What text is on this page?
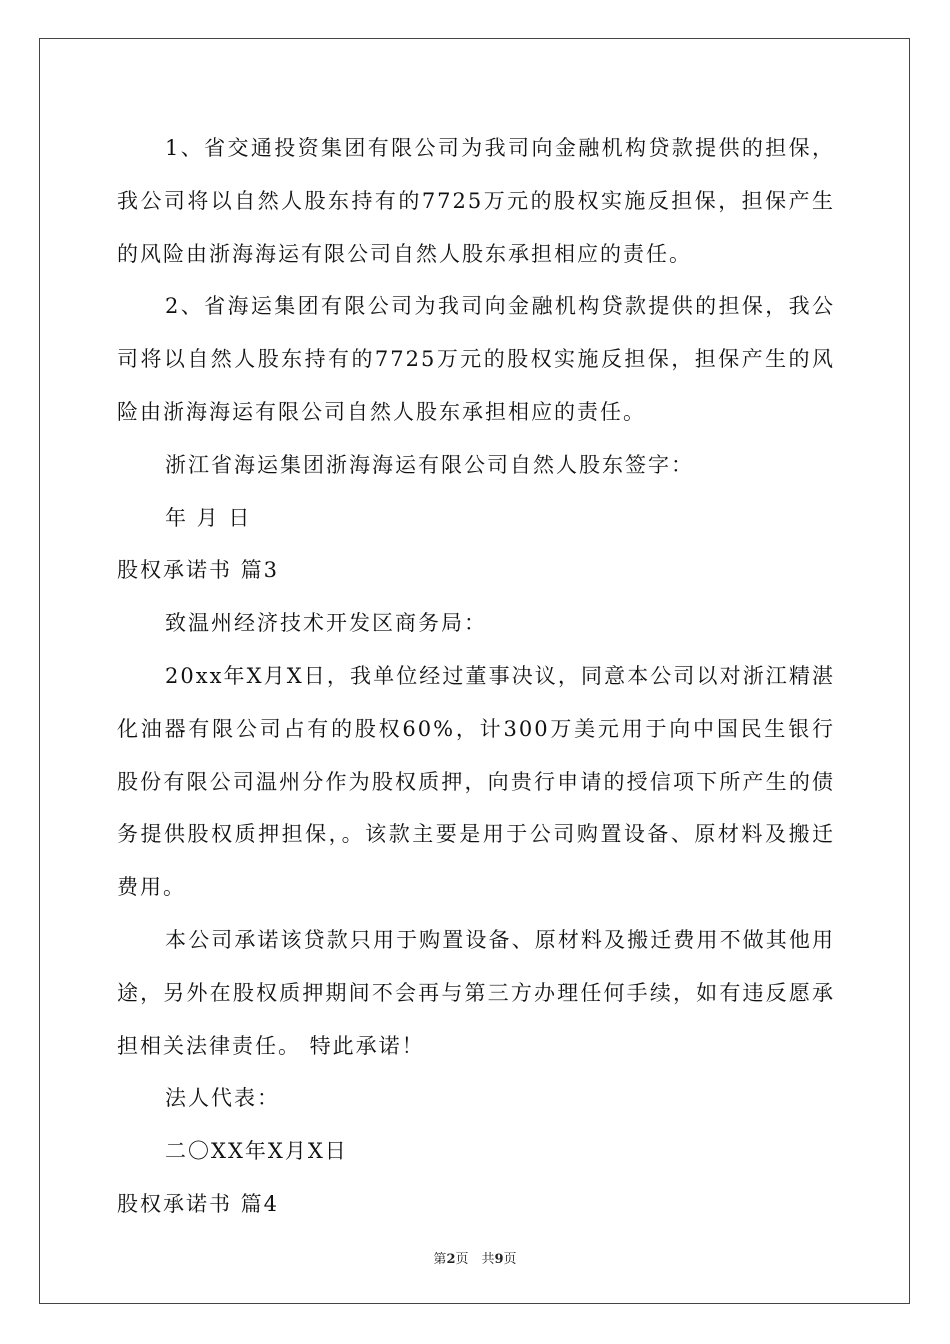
1、省交通投资集团有限公司为我司向金融机构贷款提供的担保，我公司将以自然人股东持有的7725万元的股权实施反担保，担保产生的风险由浙海海运有限公司自然人股东承担相应的责任。

2、省海运集团有限公司为我司向金融机构贷款提供的担保，我公司将以自然人股东持有的7725万元的股权实施反担保，担保产生的风险由浙海海运有限公司自然人股东承担相应的责任。

浙江省海运集团浙海海运有限公司自然人股东签字：

年 月 日

股权承诺书 篇3

致温州经济技术开发区商务局：

20xx年X月X日，我单位经过董事决议，同意本公司以对浙江精湛化油器有限公司占有的股权60%，计300万美元用于向中国民生银行股份有限公司温州分作为股权质押，向贵行申请的授信项下所产生的债务提供股权质押担保，。该款主要是用于公司购置设备、原材料及搬迁费用。

本公司承诺该贷款只用于购置设备、原材料及搬迁费用不做其他用途，另外在股权质押期间不会再与第三方办理任何手续，如有违反愿承担相关法律责任。 特此承诺！

法人代表：

二〇XX年X月X日

股权承诺书 篇4

第2页　共9页
